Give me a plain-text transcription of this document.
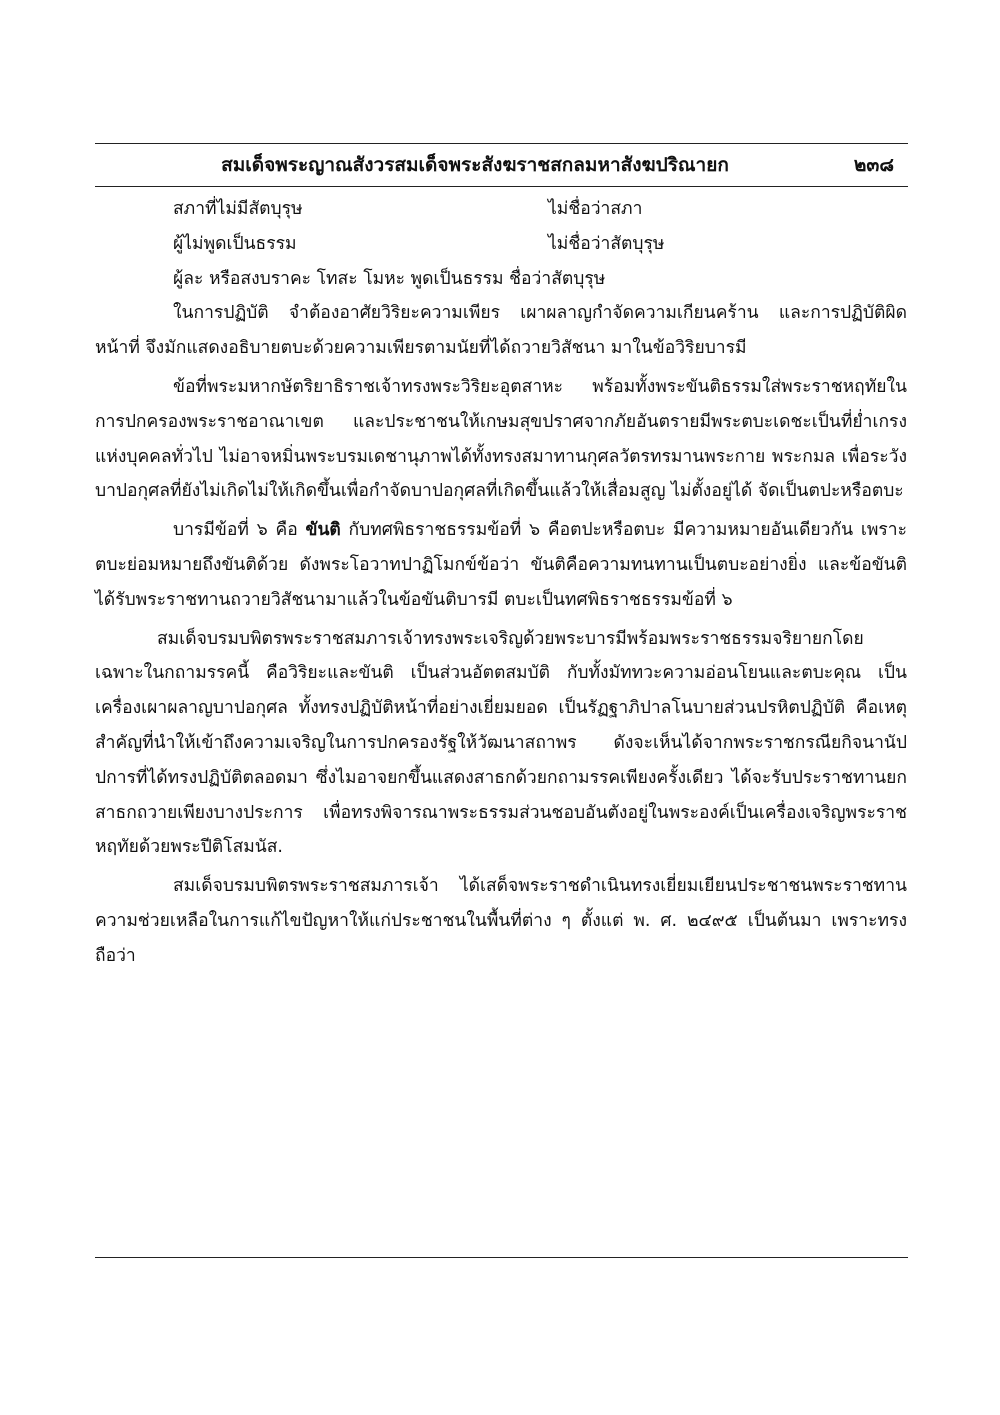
สมเด็จพระญาณสังวรสมเด็จพระสังฆราชสกลมหาสังฆปริณายก	๒๓๘
สภาที่ไม่มีสัตบุรุษ	ไม่ชื่อว่าสภา
ผู้ไม่พูดเป็นธรรม	ไม่ชื่อว่าสัตบุรุษ
ผู้ละ หรือสงบราคะ โทสะ โมหะ พูดเป็นธรรม ชื่อว่าสัตบุรุษ

ในการปฏิบัติ จำต้องอาศัยวิริยะความเพียร เผาผลาญกำจัดความเกียนคร้าน และการปฏิบัติผิดหน้าที่ จึงมักแสดงอธิบายตบะด้วยความเพียรตามนัยที่ได้ถวายวิสัชนา มาในข้อวิริยบารมี

ข้อที่พระมหากษัตริยาธิราชเจ้าทรงพระวิริยะอุตสาหะ พร้อมทั้งพระขันติธรรมใส่พระราชหฤทัยในการปกครองพระราชอาณาเขต และประชาชนให้เกษมสุขปราศจากภัยอันตรายมีพระตบะเดชะเป็นที่ย่ำเกรงแห่งบุคคลทั่วไป ไม่อาจหมิ่นพระบรมเดชานุภาพได้ทั้งทรงสมาทานกุศลวัตรทรมานพระกาย พระกมล เพื่อระวังบาปอกุศลที่ยังไม่เกิดไม่ให้เกิดขึ้นเพื่อกำจัดบาปอกุศลที่เกิดขึ้นแล้วให้เสื่อมสูญ ไม่ตั้งอยู่ได้ จัดเป็นตปะหรือตบะ

บารมีข้อที่ ๖ คือ ขันติ กับทศพิธราชธรรมข้อที่ ๖ คือตปะหรือตบะ มีความหมายอันเดียวกัน เพราะตบะย่อมหมายถึงขันติด้วย ดังพระโอวาทปาฏิโมกข์ข้อว่า ขันติคือความทนทานเป็นตบะอย่างยิ่ง และข้อขันติได้รับพระราชทานถวายวิสัชนามาแล้วในข้อขันติบารมี ตบะเป็นทศพิธราชธรรมข้อที่ ๖

สมเด็จบรมบพิตรพระราชสมภารเจ้าทรงพระเจริญด้วยพระบารมีพร้อมพระราชธรรมจริยายกโดยเฉพาะในกถามรรคนี้ คือวิริยะและขันติ เป็นส่วนอัตตสมบัติ กับทั้งมัททวะความอ่อนโยนและตบะคุณ เป็นเครื่องเผาผลาญบาปอกุศล ทั้งทรงปฏิบัติหน้าที่อย่างเยี่ยมยอด เป็นรัฏฐาภิปาลโนบายส่วนปรหิตปฏิบัติ คือเหตุสำคัญที่นำให้เข้าถึงความเจริญในการปกครองรัฐให้วัฒนาสถาพร ดังจะเห็นได้จากพระราชกรณียกิจนานัปปการที่ได้ทรงปฏิบัติตลอดมา ซึ่งไมอาจยกขึ้นแสดงสาธกด้วยกถามรรคเพียงครั้งเดียว ได้จะรับประราชทานยกสาธกถวายเพียงบางประการ เพื่อทรงพิจารณาพระธรรมส่วนชอบอันตังอยู่ในพระองค์เป็นเครื่องเจริญพระราชหฤทัยด้วยพระปีติโสมนัส.

สมเด็จบรมบพิตรพระราชสมภารเจ้า ได้เสด็จพระราชดำเนินทรงเยี่ยมเยียนประชาชนพระราชทานความช่วยเหลือในการแก้ไขปัญหาให้แก่ประชาชนในพื้นที่ต่าง ๆ ตั้งแต่ พ. ศ. ๒๔๙๕ เป็นต้นมา เพราะทรงถือว่า
